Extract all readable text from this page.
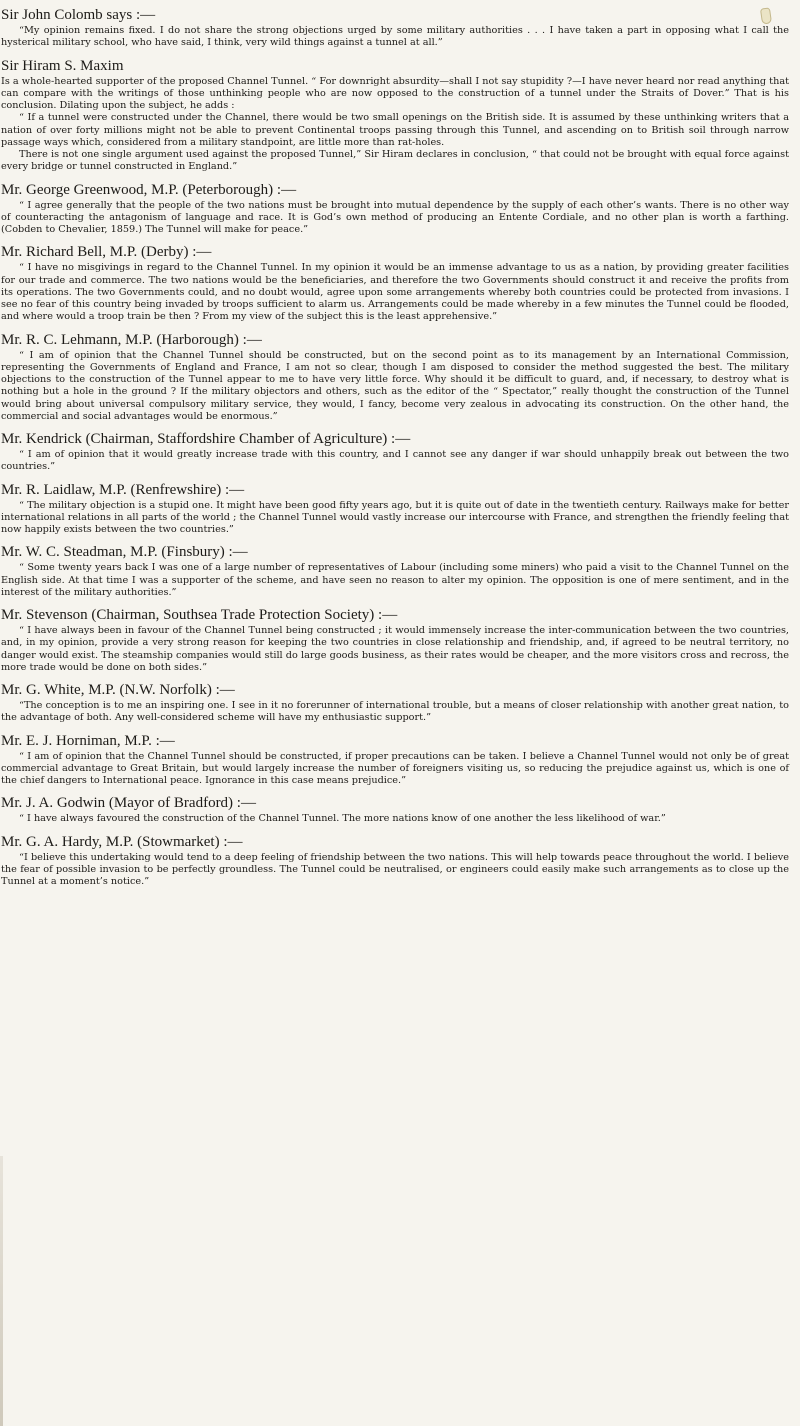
Sir John Colomb says :—

“My opinion remains fixed. I do not share the strong objections urged by some military authorities . . . I have taken a part in opposing what I call the hysterical military school, who have said, I think, very wild things against a tunnel at all.”

Sir Hiram S. Maxim

Is a whole-hearted supporter of the proposed Channel Tunnel. “ For downright absurdity—shall I not say stupidity ?—I have never heard nor read anything that can compare with the writings of those unthinking people who are now opposed to the construction of a tunnel under the Straits of Dover.” That is his conclusion. Dilating upon the subject, he adds :

“ If a tunnel were constructed under the Channel, there would be two small openings on the British side. It is assumed by these unthinking writers that a nation of over forty millions might not be able to prevent Continental troops passing through this Tunnel, and ascending on to British soil through narrow passage ways which, considered from a military standpoint, are little more than rat-holes.

There is not one single argument used against the proposed Tunnel,” Sir Hiram declares in conclusion, “ that could not be brought with equal force against every bridge or tunnel constructed in England.”

Mr. George Greenwood, M.P. (Peterborough) :—

“ I agree generally that the people of the two nations must be brought into mutual dependence by the supply of each other’s wants. There is no other way of counteracting the antagonism of language and race. It is God’s own method of producing an Entente Cordiale, and no other plan is worth a farthing. (Cobden to Chevalier, 1859.) The Tunnel will make for peace.”

Mr. Richard Bell, M.P. (Derby) :—

“ I have no misgivings in regard to the Channel Tunnel. In my opinion it would be an immense advantage to us as a nation, by providing greater facilities for our trade and commerce. The two nations would be the beneficiaries, and therefore the two Governments should construct it and receive the profits from its operations. The two Governments could, and no doubt would, agree upon some arrangements whereby both countries could be protected from invasions. I see no fear of this country being invaded by troops sufficient to alarm us. Arrangements could be made whereby in a few minutes the Tunnel could be flooded, and where would a troop train be then ? From my view of the subject this is the least apprehensive.”

Mr. R. C. Lehmann, M.P. (Harborough) :—

“ I am of opinion that the Channel Tunnel should be constructed, but on the second point as to its management by an International Commission, representing the Governments of England and France, I am not so clear, though I am disposed to consider the method suggested the best. The military objections to the construction of the Tunnel appear to me to have very little force. Why should it be difficult to guard, and, if necessary, to destroy what is nothing but a hole in the ground ? If the military objectors and others, such as the editor of the “ Spectator,” really thought the construction of the Tunnel would bring about universal compulsory military service, they would, I fancy, become very zealous in advocating its construction. On the other hand, the commercial and social advantages would be enormous.”

Mr. Kendrick (Chairman, Staffordshire Chamber of Agriculture) :—

“ I am of opinion that it would greatly increase trade with this country, and I cannot see any danger if war should unhappily break out between the two countries.”

Mr. R. Laidlaw, M.P. (Renfrewshire) :—

“ The military objection is a stupid one. It might have been good fifty years ago, but it is quite out of date in the twentieth century. Railways make for better international relations in all parts of the world ; the Channel Tunnel would vastly increase our intercourse with France, and strengthen the friendly feeling that now happily exists between the two countries.”

Mr. W. C. Steadman, M.P. (Finsbury) :—

“ Some twenty years back I was one of a large number of representatives of Labour (including some miners) who paid a visit to the Channel Tunnel on the English side. At that time I was a supporter of the scheme, and have seen no reason to alter my opinion. The opposition is one of mere sentiment, and in the interest of the military authorities.”

Mr. Stevenson (Chairman, Southsea Trade Protection Society) :—

“ I have always been in favour of the Channel Tunnel being constructed ; it would immensely increase the inter-communication between the two countries, and, in my opinion, provide a very strong reason for keeping the two countries in close relationship and friendship, and, if agreed to be neutral territory, no danger would exist. The steamship companies would still do large goods business, as their rates would be cheaper, and the more visitors cross and recross, the more trade would be done on both sides.”

Mr. G. White, M.P. (N.W. Norfolk) :—

“The conception is to me an inspiring one. I see in it no forerunner of international trouble, but a means of closer relationship with another great nation, to the advantage of both. Any well-considered scheme will have my enthusiastic support.”

Mr. E. J. Horniman, M.P. :—

“ I am of opinion that the Channel Tunnel should be constructed, if proper precautions can be taken. I believe a Channel Tunnel would not only be of great commercial advantage to Great Britain, but would largely increase the number of foreigners visiting us, so reducing the prejudice against us, which is one of the chief dangers to International peace. Ignorance in this case means prejudice.”

Mr. J. A. Godwin (Mayor of Bradford) :—

“ I have always favoured the construction of the Channel Tunnel. The more nations know of one another the less likelihood of war.”

Mr. G. A. Hardy, M.P. (Stowmarket) :—

“I believe this undertaking would tend to a deep feeling of friendship between the two nations. This will help towards peace throughout the world. I believe the fear of possible invasion to be perfectly groundless. The Tunnel could be neutralised, or engineers could easily make such arrangements as to close up the Tunnel at a moment’s notice.”
